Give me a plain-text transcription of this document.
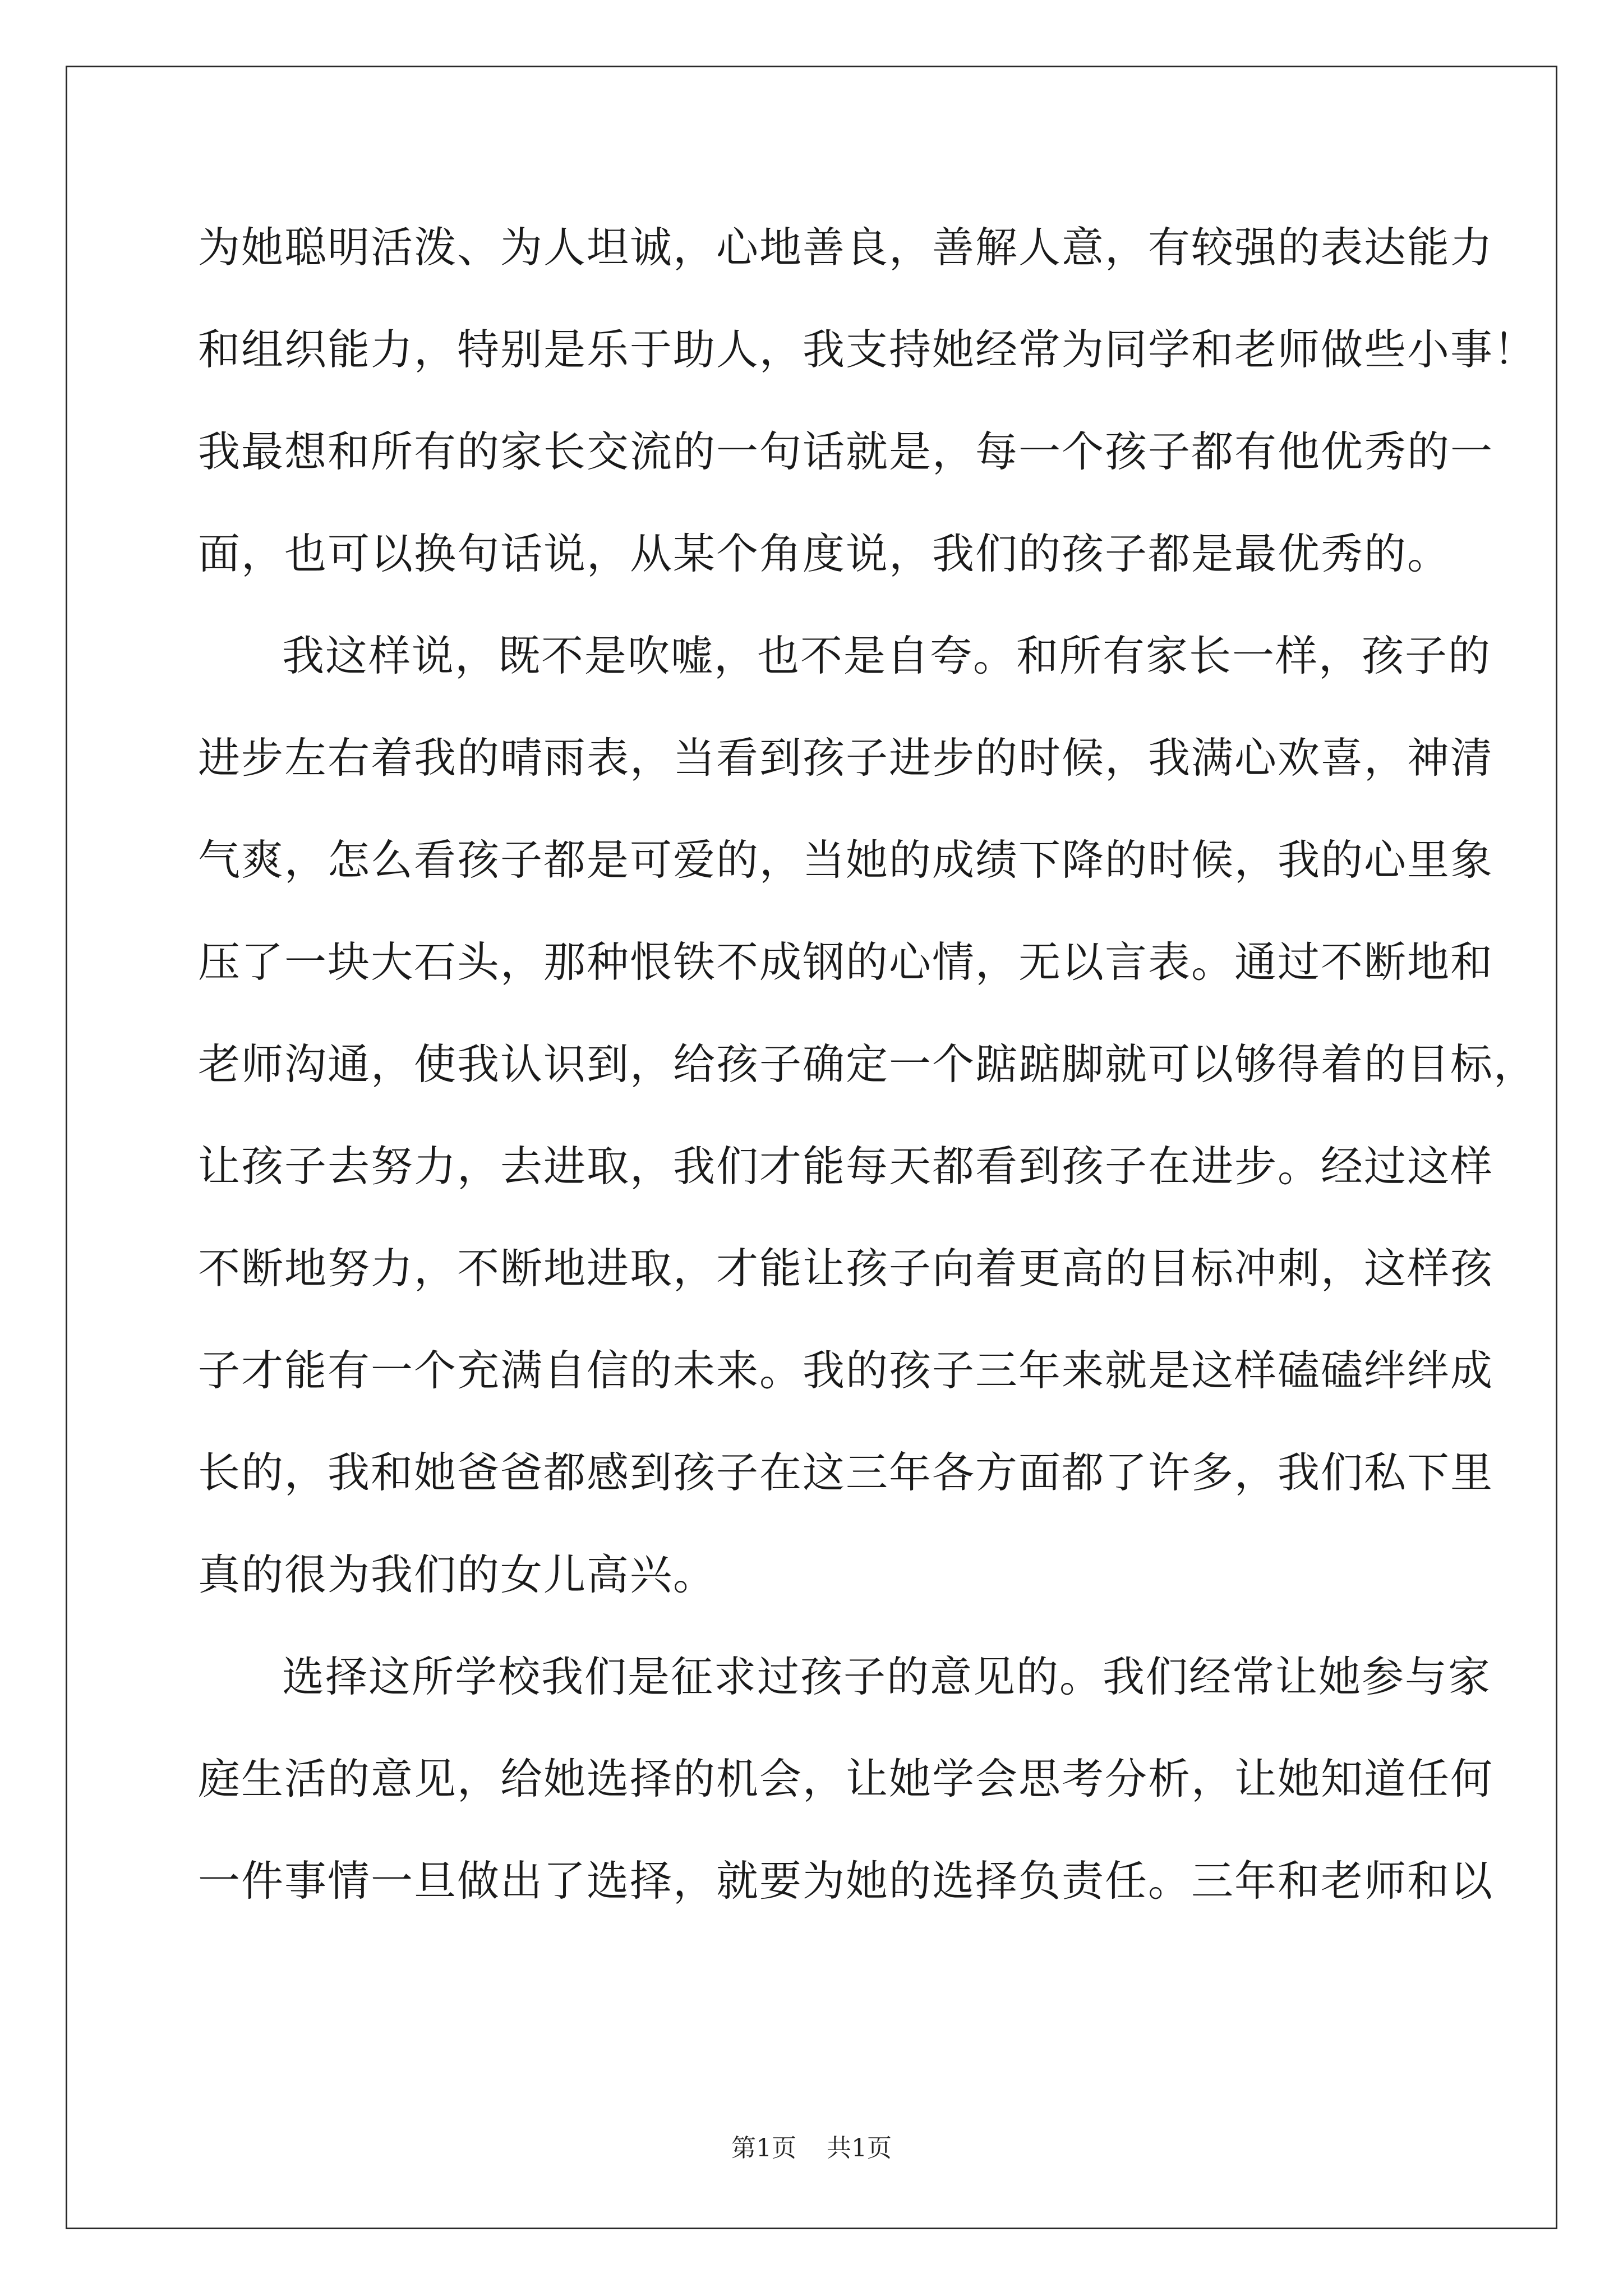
为她聪明活泼、为人坦诚，心地善良，善解人意，有较强的表达能力
和组织能力，特别是乐于助人，我支持她经常为同学和老师做些小事！
我最想和所有的家长交流的一句话就是，每一个孩子都有他优秀的一
面，也可以换句话说，从某个角度说，我们的孩子都是最优秀的。
我这样说，既不是吹嘘，也不是自夸。和所有家长一样，孩子的
进步左右着我的晴雨表，当看到孩子进步的时候，我满心欢喜，神清
气爽，怎么看孩子都是可爱的，当她的成绩下降的时候，我的心里象
压了一块大石头，那种恨铁不成钢的心情，无以言表。通过不断地和
老师沟通，使我认识到，给孩子确定一个踮踮脚就可以够得着的目标，
让孩子去努力，去进取，我们才能每天都看到孩子在进步。经过这样
不断地努力，不断地进取，才能让孩子向着更高的目标冲刺，这样孩
子才能有一个充满自信的未来。我的孩子三年来就是这样磕磕绊绊成
长的，我和她爸爸都感到孩子在这三年各方面都了许多，我们私下里
真的很为我们的女儿高兴。
选择这所学校我们是征求过孩子的意见的。我们经常让她参与家
庭生活的意见，给她选择的机会，让她学会思考分析，让她知道任何
一件事情一旦做出了选择，就要为她的选择负责任。三年和老师和以
第1页 共1页
